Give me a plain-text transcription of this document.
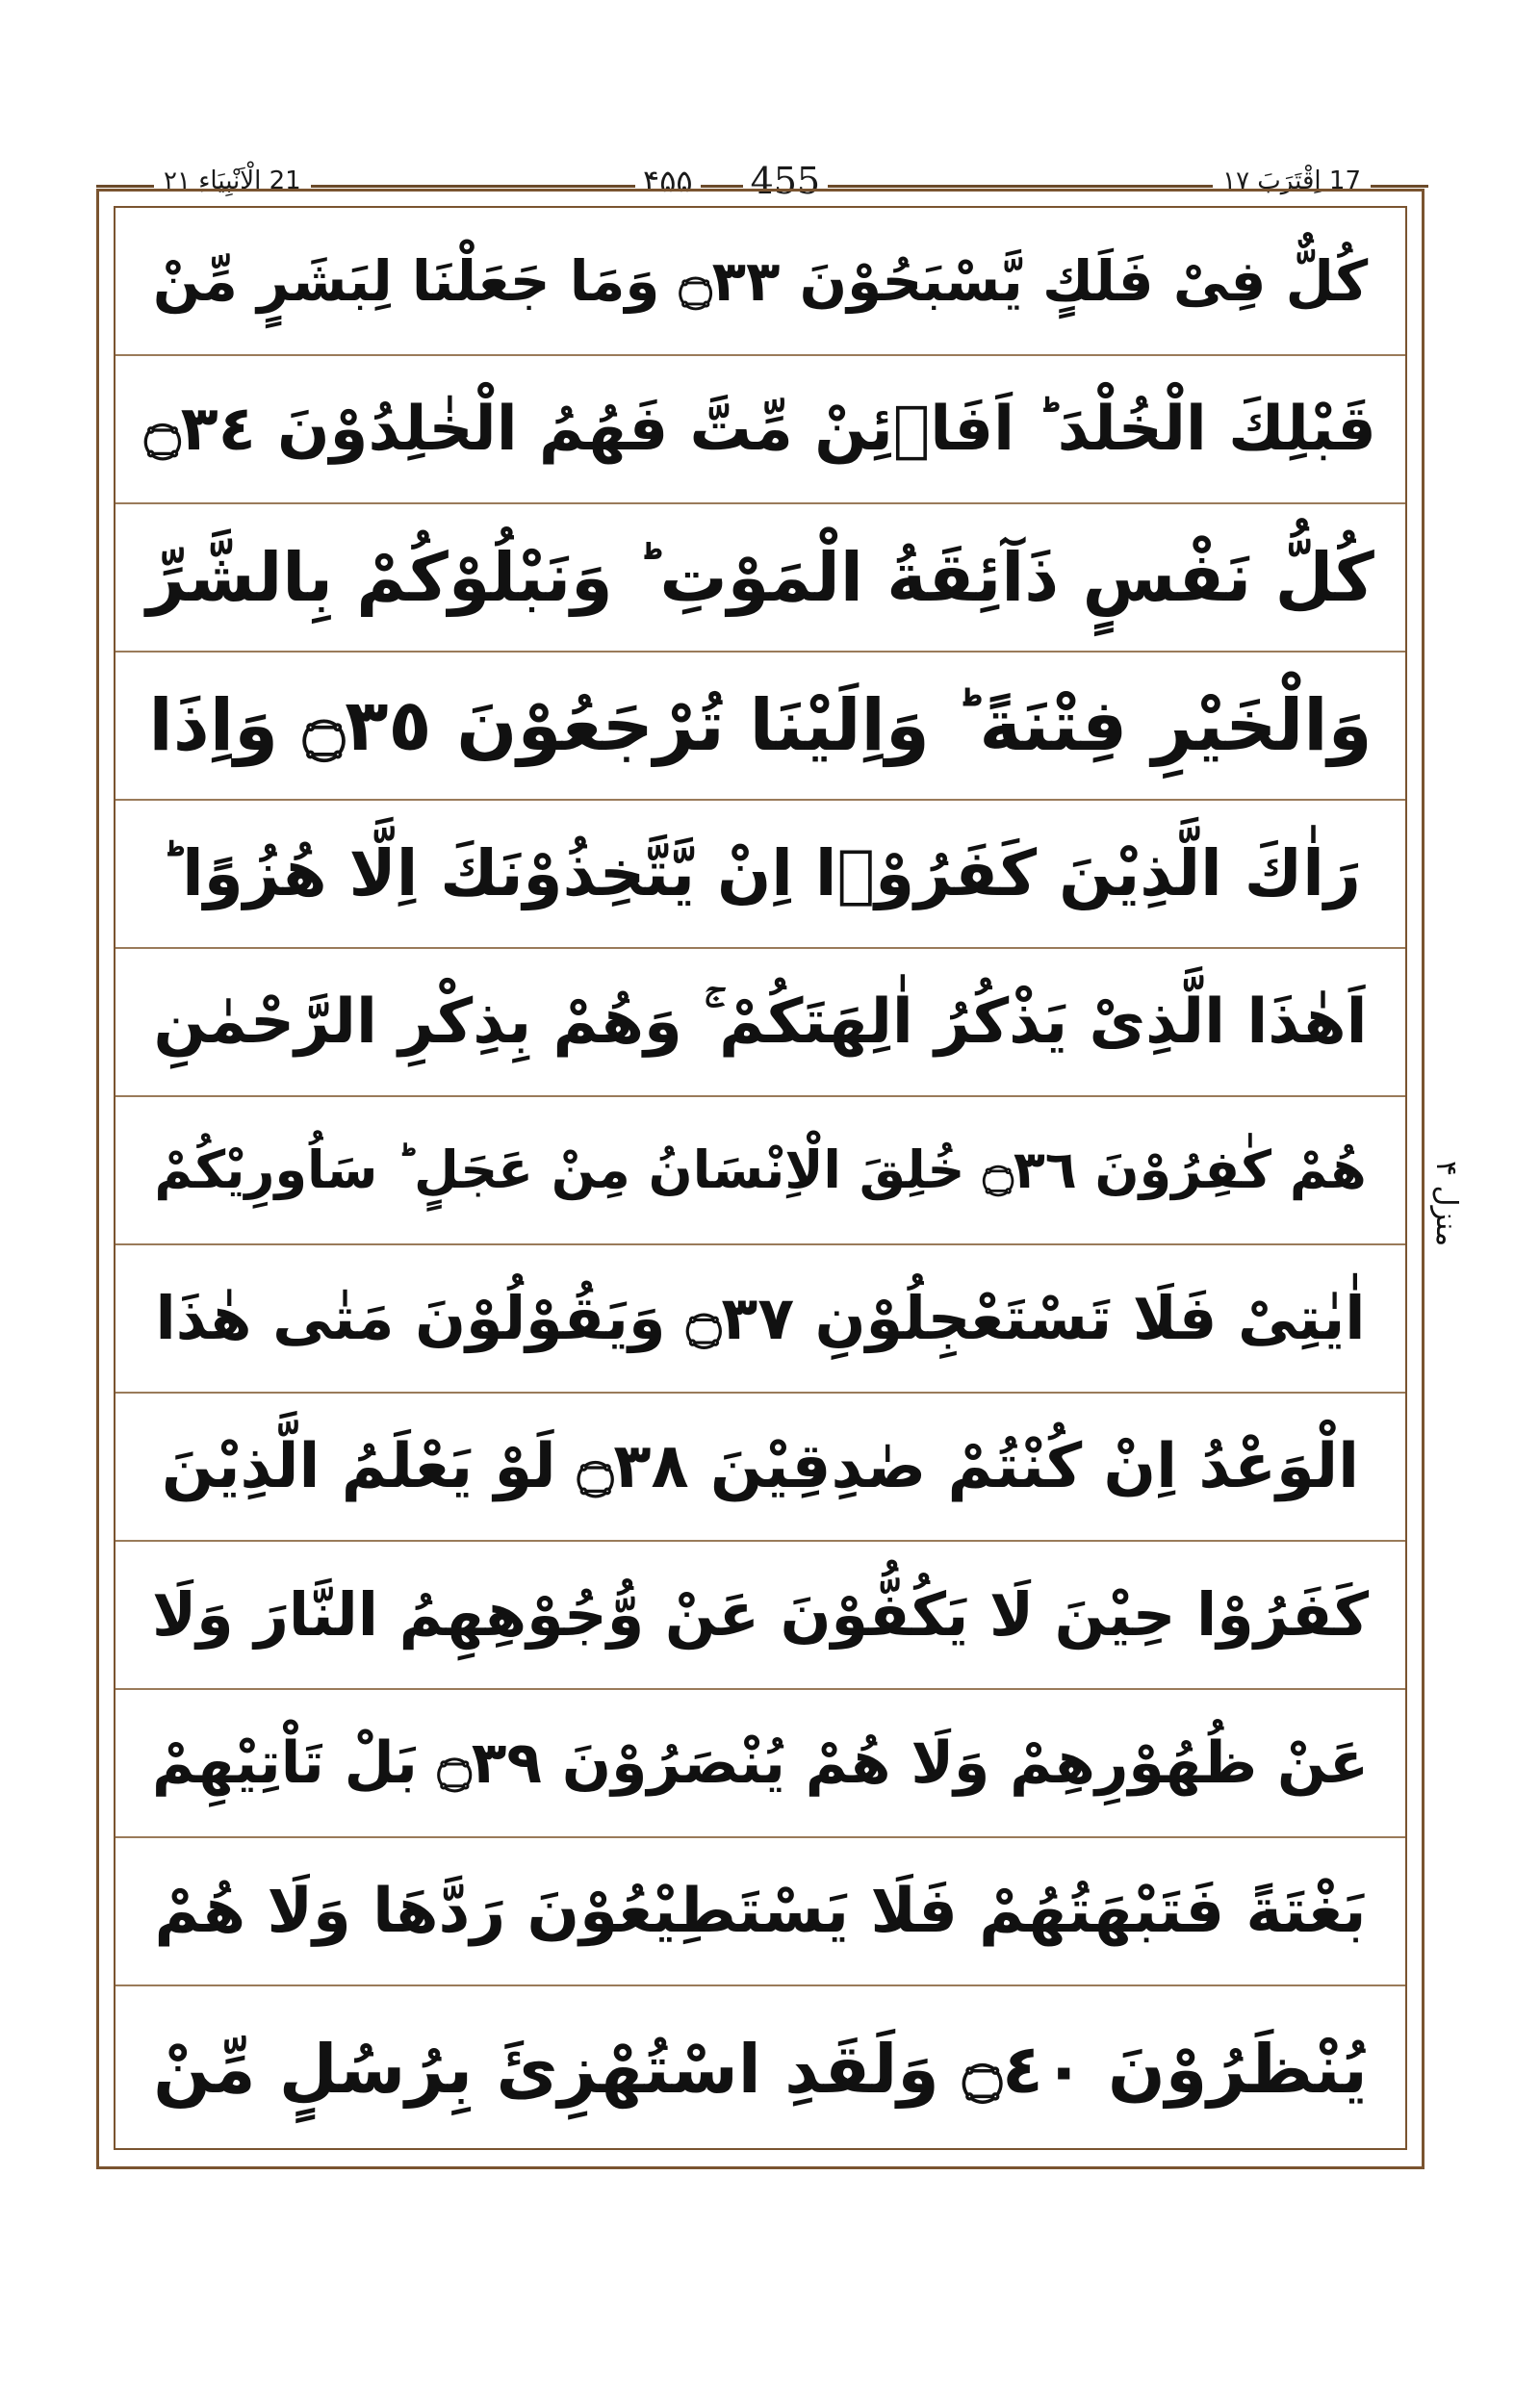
21 الْاَنْبِيَاءِ ٢١	۴۵۵ 455	17 اِقْتَرَبَ ١٧
كُلٌّ فِىْ فَلَكٍ يَّسْبَحُوْنَ ۝٣٣ وَمَا جَعَلْنَا لِبَشَرٍ مِّنْ
قَبْلِكَ الْخُلْدَ ؕ اَفَاۡئِنْ مِّتَّ فَهُمُ الْخٰلِدُوْنَ ۝٣٤
كُلُّ نَفْسٍ ذَآئِقَةُ الْمَوْتِ ؕ وَنَبْلُوْكُمْ بِالشَّرِّ
وَالْخَيْرِ فِتْنَةً ؕ وَاِلَيْنَا تُرْجَعُوْنَ ۝٣٥ وَاِذَا
رَاٰكَ الَّذِيْنَ كَفَرُوْۤا اِنْ يَّتَّخِذُوْنَكَ اِلَّا هُزُوًا ؕ
اَهٰذَا الَّذِىْ يَذْكُرُ اٰلِهَتَكُمْ ۚ وَهُمْ بِذِكْرِ الرَّحْمٰنِ
هُمْ كٰفِرُوْنَ ۝٣٦ خُلِقَ الْاِنْسَانُ مِنْ عَجَلٍ ؕ سَاُورِيْكُمْ
اٰيٰتِىْ فَلَا تَسْتَعْجِلُوْنِ ۝٣٧ وَيَقُوْلُوْنَ مَتٰى هٰذَا
الْوَعْدُ اِنْ كُنْتُمْ صٰدِقِيْنَ ۝٣٨ لَوْ يَعْلَمُ الَّذِيْنَ
كَفَرُوْا حِيْنَ لَا يَكُفُّوْنَ عَنْ وُّجُوْهِهِمُ النَّارَ وَلَا
عَنْ ظُهُوْرِهِمْ وَلَا هُمْ يُنْصَرُوْنَ ۝٣٩ بَلْ تَاْتِيْهِمْ
بَغْتَةً فَتَبْهَتُهُمْ فَلَا يَسْتَطِيْعُوْنَ رَدَّهَا وَلَا هُمْ
يُنْظَرُوْنَ ۝٤٠ وَلَقَدِ اسْتُهْزِئَ بِرُسُلٍ مِّنْ
منزل ۴
